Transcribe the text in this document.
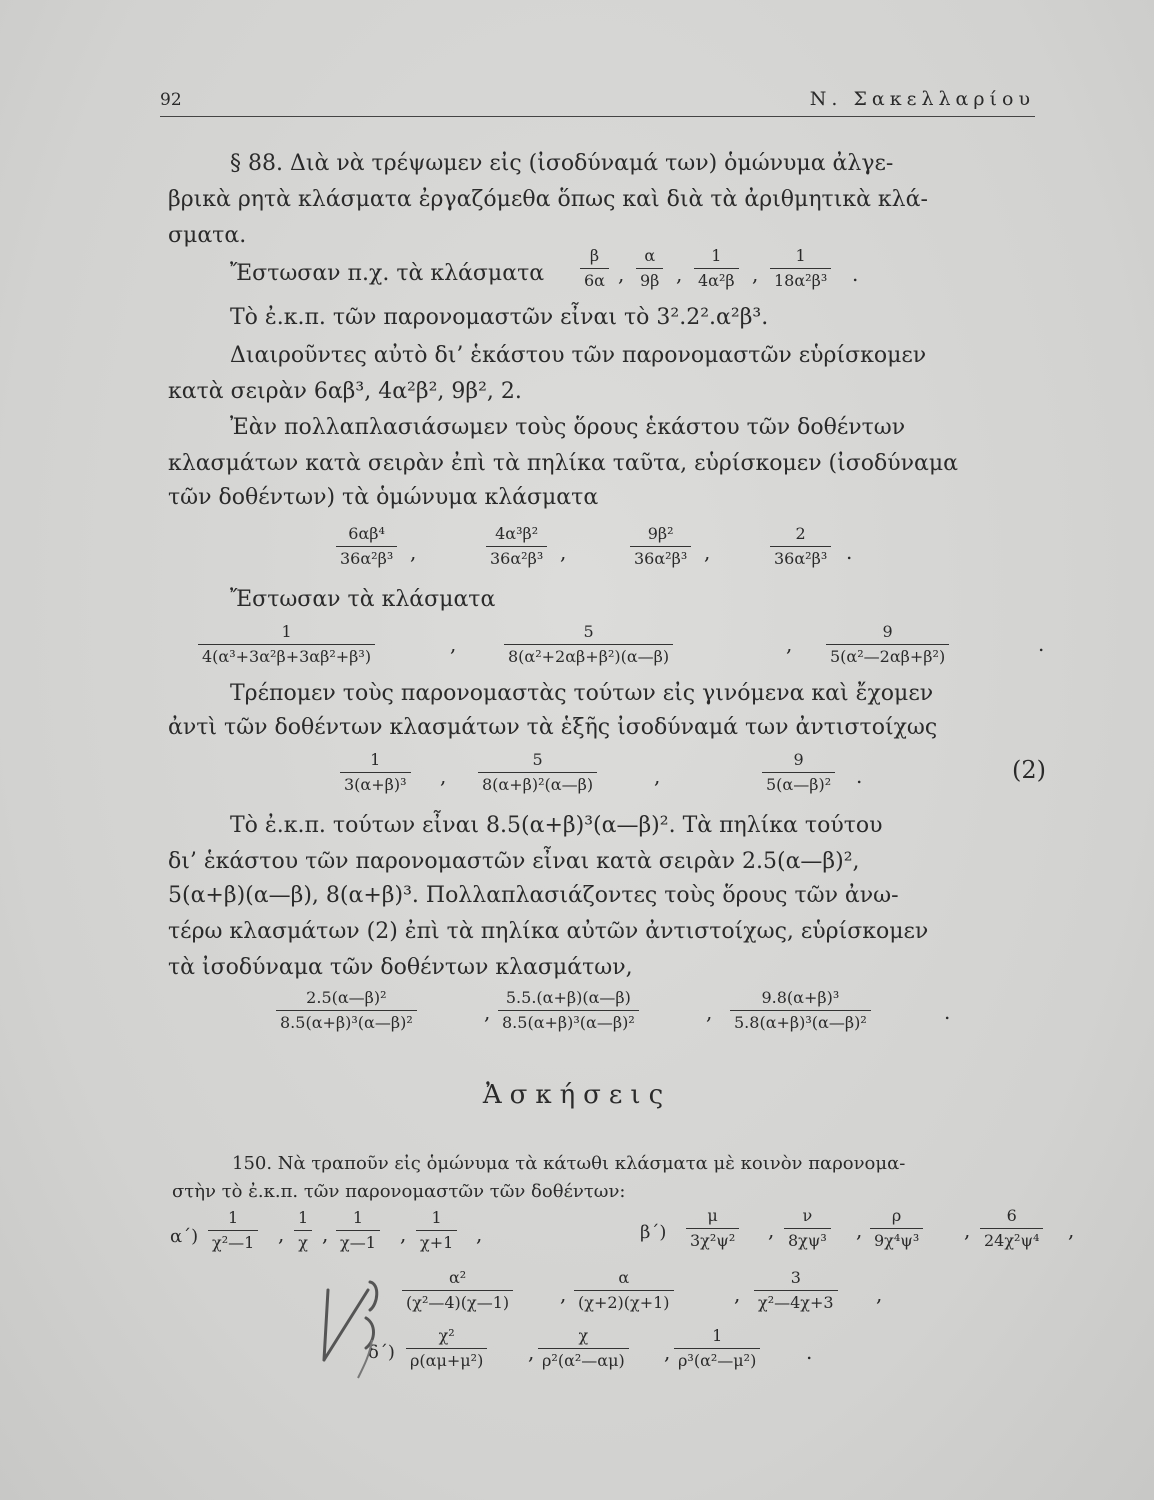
92	Ν. Σακελλαρίου
§ 88. Διὰ νὰ τρέψωμεν εἰς (ἰσοδύναμά των) ὁμώνυμα ἀλγε-
βρικὰ ρητὰ κλάσματα ἐργαζόμεθα ὅπως καὶ διὰ τὰ ἀριθμητικὰ κλά-
σματα.
Ἔστωσαν π.χ. τὰ κλάσματα $\frac{\beta}{6\alpha}$ , $\frac{\alpha}{9\beta}$ , $\frac{1}{\text{4α²β}}$ , $\frac{1}{\text{18α²β³}}$ .
Τὸ ἐ.κ.π. τῶν παρονομαστῶν εἶναι τὸ 3².2².α²β³.
Διαιροῦντες αὐτὸ δι’ ἑκάστου τῶν παρονομαστῶν εὑρίσκομεν
κατὰ σειρὰν 6αβ³, 4α²β², 9β², 2.
Ἐὰν πολλαπλασιάσωμεν τοὺς ὅρους ἑκάστου τῶν δοθέντων
κλασμάτων κατὰ σειρὰν ἐπὶ τὰ πηλίκα ταῦτα, εὑρίσκομεν (ἰσοδύναμα
τῶν δοθέντων) τὰ ὁμώνυμα κλάσματα
$\frac{\text{6αβ⁴}}{\text{36α²β³}}$ ,	$\frac{\text{4α³β²}}{\text{36α²β³}}$ ,	$\frac{\text{9β²}}{\text{36α²β³}}$ ,	$\frac{2}{\text{36α²β³}}$ .
Ἔστωσαν τὰ κλάσματα
$\frac{1}{\text{4(α³+3α²β+3αβ²+β³)}}$	,	$\frac{5}{\text{8(α²+2αβ+β²)(α—β)}}$	, $\frac{9}{\text{5(α²—2αβ+β²)}}$	.
Τρέπομεν τοὺς παρονομαστὰς τούτων εἰς γινόμενα καὶ ἔχομεν
ἀντὶ τῶν δοθέντων κλασμάτων τὰ ἑξῆς ἰσοδύναμά των ἀντιστοίχως
$\frac{1}{\text{3(α+β)³}}$ , $\frac{5}{\text{8(α+β)²(α—β)}}$	,	$\frac{9}{\text{5(α—β)²}}$ .	(2)
Τὸ ἐ.κ.π. τούτων εἶναι 8.5(α+β)³(α—β)². Τὰ πηλίκα τούτου
δι’ ἑκάστου τῶν παρονομαστῶν εἶναι κατὰ σειρὰν 2.5(α—β)²,
5(α+β)(α—β), 8(α+β)³. Πολλαπλασιάζοντες τοὺς ὅρους τῶν ἀνω-
τέρω κλασμάτων (2) ἐπὶ τὰ πηλίκα αὐτῶν ἀντιστοίχως, εὑρίσκομεν
τὰ ἰσοδύναμα τῶν δοθέντων κλασμάτων,
$\frac{\text{2.5(α—β)²}}{\text{8.5(α+β)³(α—β)²}}$	, $\frac{5.5.(\alpha+\beta)(\alpha—\beta)}{\text{8.5(α+β)³(α—β)²}}$	, $\frac{\text{9.8(α+β)³}}{\text{5.8(α+β)³(α—β)²}}$	.
Ἀσκήσεις
150. Νὰ τραποῦν εἰς ὁμώνυμα τὰ κάτωθι κλάσματα μὲ κοινὸν παρονομα-
στὴν τὸ ἐ.κ.π. τῶν παρονομαστῶν τῶν δοθέντων:
$\alpha΄) \frac{1}{\text{χ²—1}}$ , $\frac{1}{\chi}$ , $\frac{1}{\chi—1}$ , $\frac{1}{\chi+1}$ ,	$\beta΄) \frac{\mu}{\text{3χ²ψ²}}$ , $\frac{\nu}{\text{8χψ³}}$ , $\frac{\rho}{\text{9χ⁴ψ³}}$ , $\frac{6}{\text{24χ²ψ⁴}}$ ,
$\frac{\text{α²}}{\text{(χ²—4)(χ—1)}}$ , $\frac{\alpha}{(\chi+2)(\chi+1)}$	, $\frac{3}{\text{χ²—4χ+3}}$ ,
$\delta΄) \frac{\text{χ²}}{\text{ρ(αμ+μ²)}}$ , $\frac{\chi}{\text{ρ²(α²—αμ)}}$ , $\frac{1}{\text{ρ³(α²—μ²)}}$ .
